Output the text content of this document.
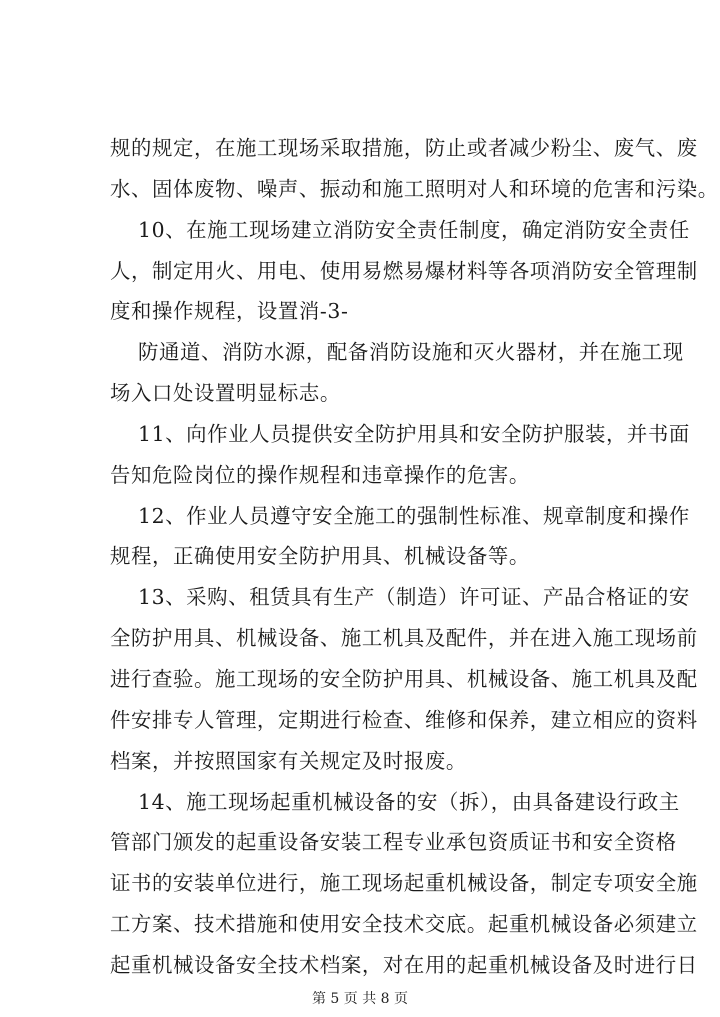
规的规定，在施工现场采取措施，防止或者减少粉尘、废气、废
水、固体废物、噪声、振动和施工照明对人和环境的危害和污染。
10、在施工现场建立消防安全责任制度，确定消防安全责任
人，制定用火、用电、使用易燃易爆材料等各项消防安全管理制
度和操作规程，设置消-3-
防通道、消防水源，配备消防设施和灭火器材，并在施工现
场入口处设置明显标志。
11、向作业人员提供安全防护用具和安全防护服装，并书面
告知危险岗位的操作规程和违章操作的危害。
12、作业人员遵守安全施工的强制性标准、规章制度和操作
规程，正确使用安全防护用具、机械设备等。
13、采购、租赁具有生产（制造）许可证、产品合格证的安
全防护用具、机械设备、施工机具及配件，并在进入施工现场前
进行查验。施工现场的安全防护用具、机械设备、施工机具及配
件安排专人管理，定期进行检查、维修和保养，建立相应的资料
档案，并按照国家有关规定及时报废。
14、施工现场起重机械设备的安（拆），由具备建设行政主
管部门颁发的起重设备安装工程专业承包资质证书和安全资格
证书的安装单位进行，施工现场起重机械设备，制定专项安全施
工方案、技术措施和使用安全技术交底。起重机械设备必须建立
起重机械设备安全技术档案，对在用的起重机械设备及时进行日
第 5 页 共 8 页
